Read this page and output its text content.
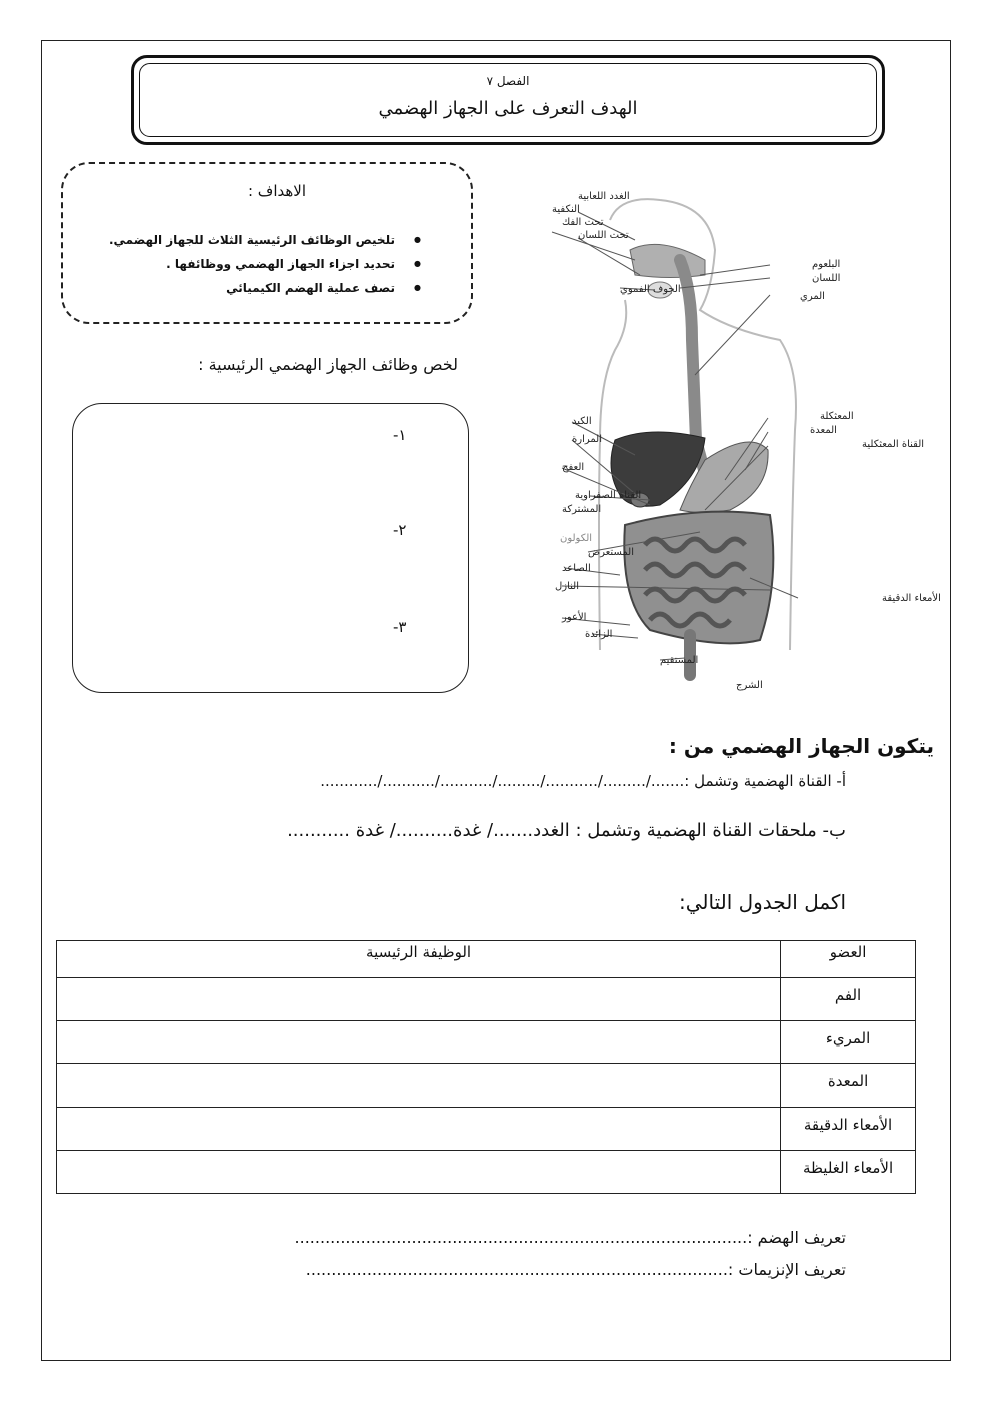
الفصل ٧
الهدف التعرف على الجهاز الهضمي
الاهداف :
● تلخيص الوظائف الرئيسية الثلاث للجهاز الهضمي.
● تحديد اجزاء الجهاز الهضمي ووظائفها .
● تصف عملية الهضم الكيميائي
لخص وظائف الجهاز الهضمي الرئيسية :
١-
٢-
٣-
الغدد اللعابية
النكفية
تحت الفك
تحت اللسان
البلعوم
اللسان
المري
الجوف الفموي
المعثكلة
المعدة
القناة المعثكلية
الكبد
المرارة
العفج
القناة الصفراوية
المشتركة
الكولون
المستعرض
الصاعد
النازل
الأمعاء الدقيقة
الأعور
الزائدة
المستقيم
الشرج
يتكون الجهاز الهضمي من :
أ- القناة الهضمية وتشمل :......./........./.........../........./.........../.........../............
ب- ملحقات القناة الهضمية وتشمل : الغدد......./ غدة........../ غدة ...........
اكمل الجدول التالي:
العضو	الوظيفة الرئيسية
الفم	
المريء	
المعدة	
الأمعاء الدقيقة	
الأمعاء الغليظة	
تعريف الهضم :.........................................................................................
تعريف الإنزيمات :...................................................................................
